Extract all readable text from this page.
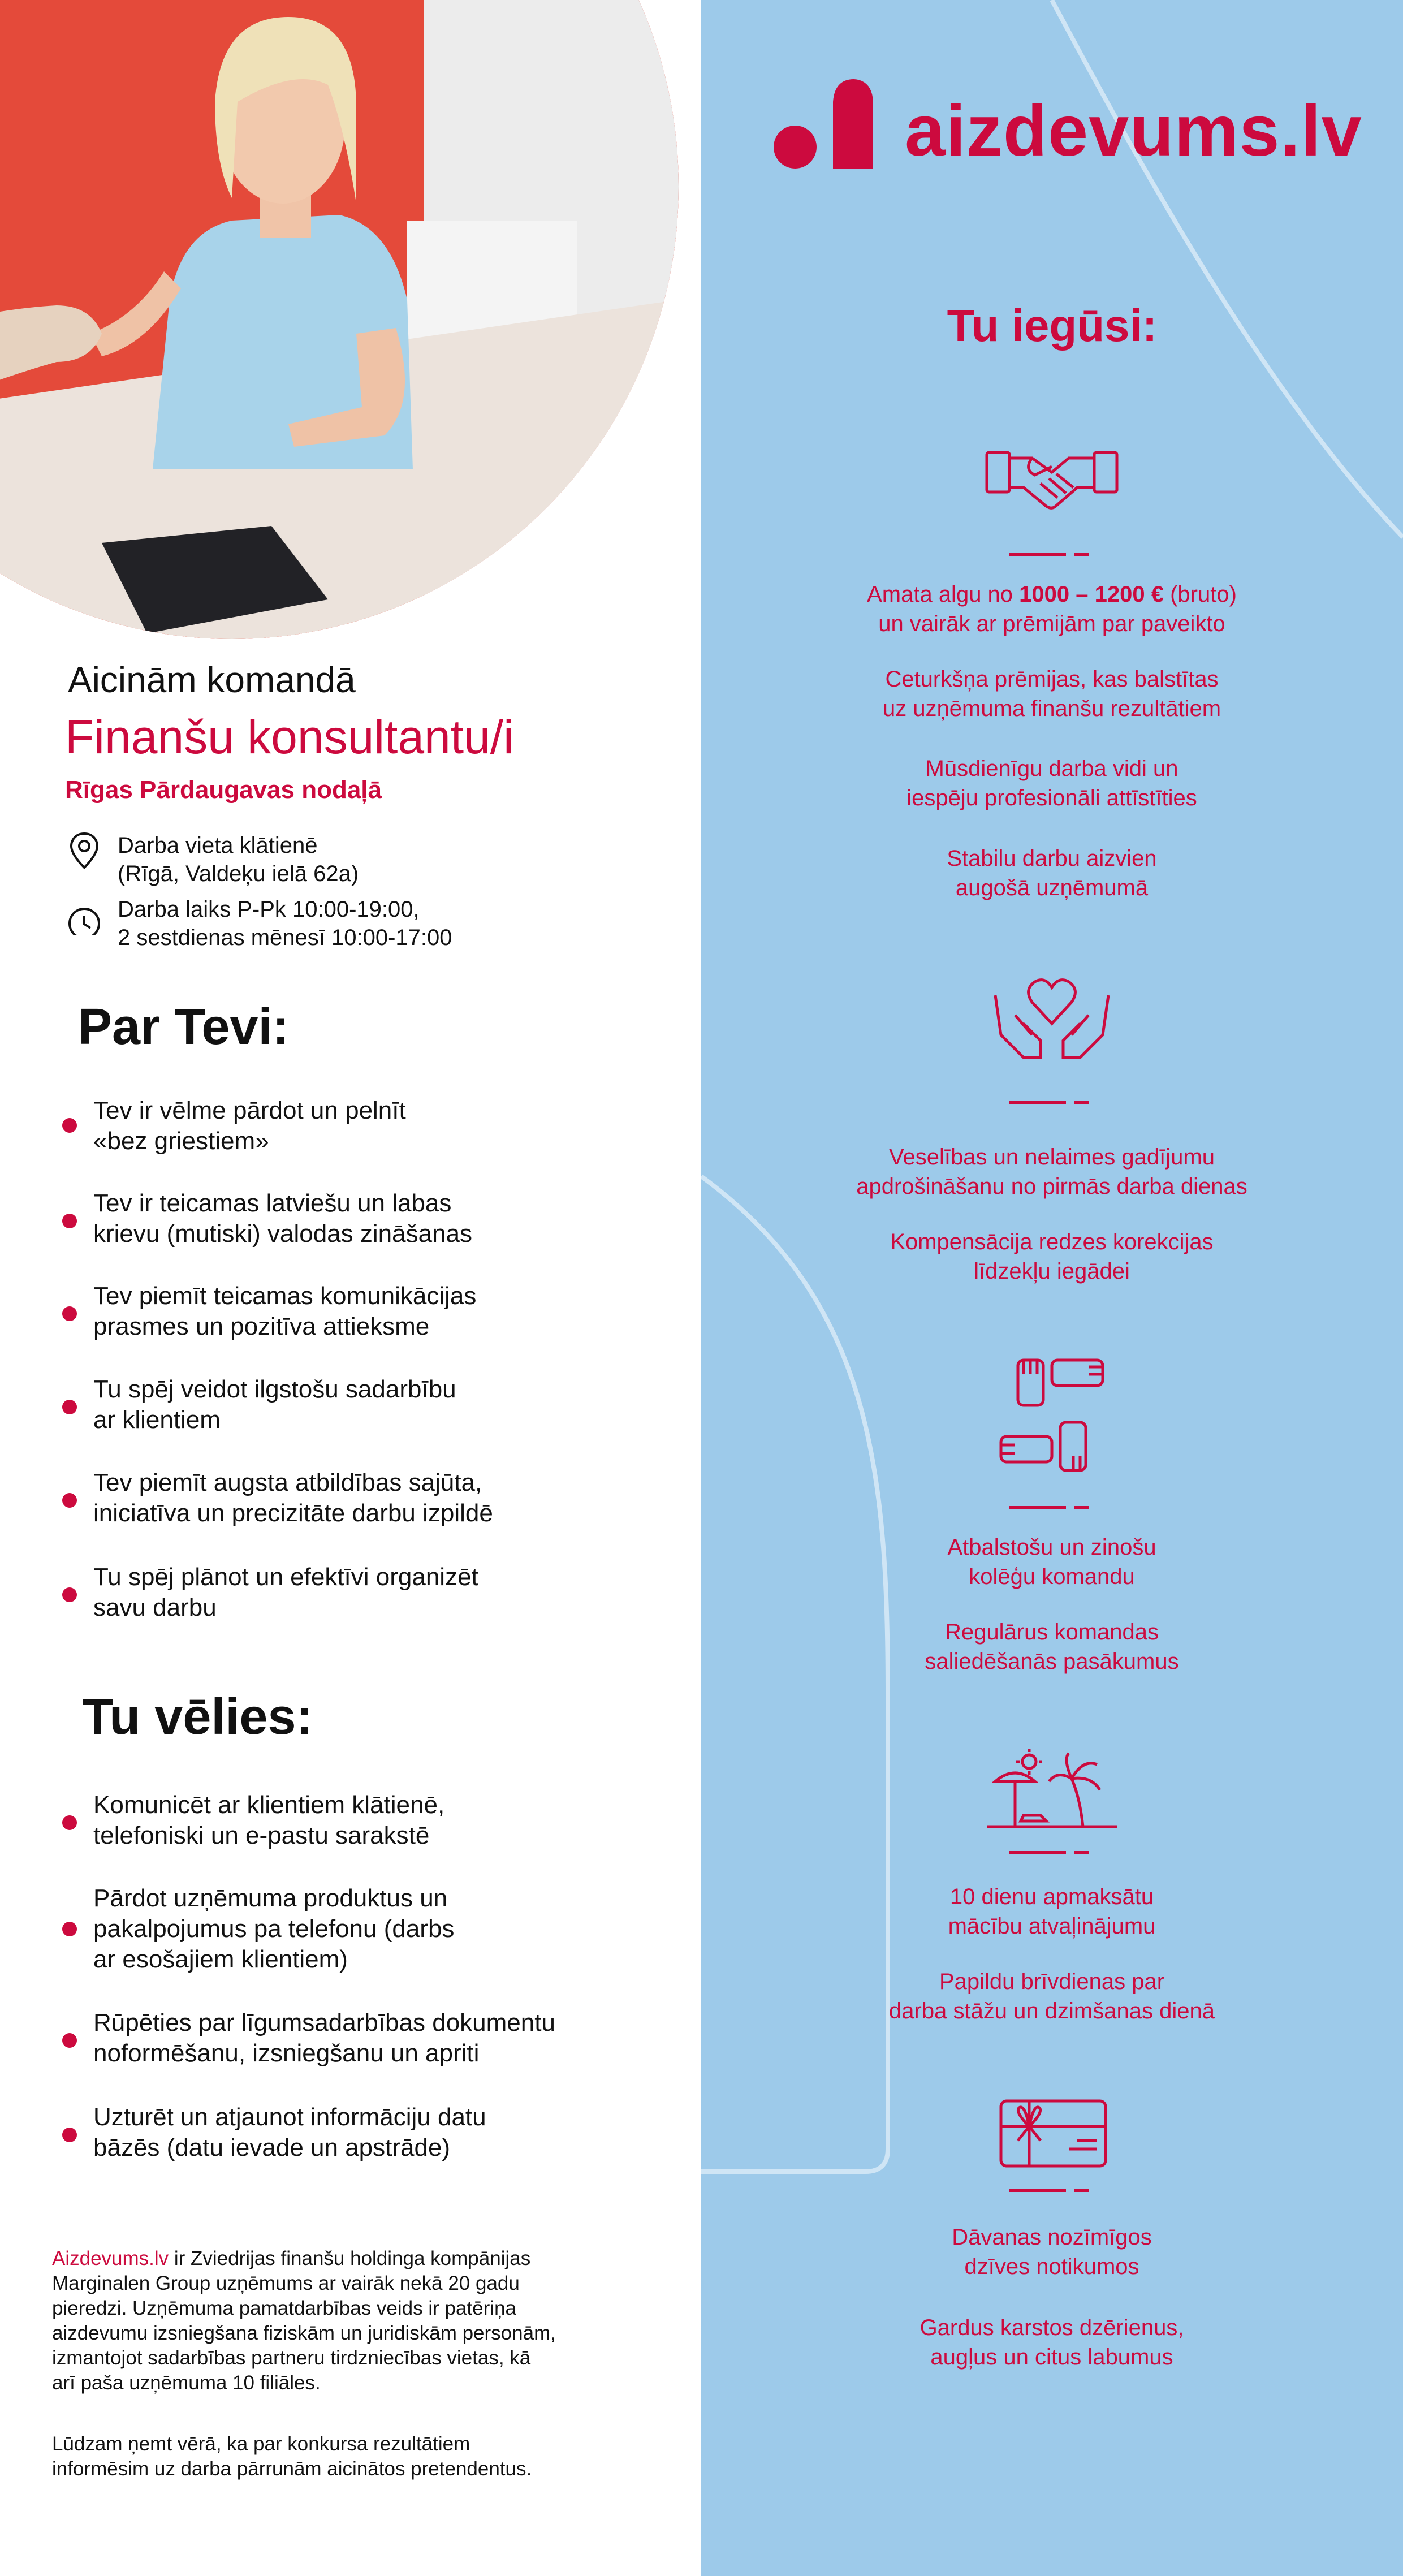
Aicinām komandā
Finanšu konsultantu/i
Rīgas Pārdaugavas nodaļā
Darba vieta klātienē
(Rīgā, Valdeķu ielā 62a)
Darba laiks P-Pk 10:00-19:00,
2 sestdienas mēnesī 10:00-17:00
Par Tevi:
Tev ir vēlme pārdot un pelnīt
«bez griestiem»
Tev ir teicamas latviešu un labas
krievu (mutiski) valodas zināšanas
Tev piemīt teicamas komunikācijas
prasmes un pozitīva attieksme
Tu spēj veidot ilgstošu sadarbību
ar klientiem
Tev piemīt augsta atbildības sajūta,
iniciatīva un precizitāte darbu izpildē
Tu spēj plānot un efektīvi organizēt
savu darbu
Tu vēlies:
Komunicēt ar klientiem klātienē,
telefoniski un e-pastu sarakstē
Pārdot uzņēmuma produktus un
pakalpojumus pa telefonu (darbs
ar esošajiem klientiem)
Rūpēties par līgumsadarbības dokumentu
noformēšanu, izsniegšanu un apriti
Uzturēt un atjaunot informāciju datu
bāzēs (datu ievade un apstrāde)
Aizdevums.lv ir Zviedrijas finanšu holdinga kompānijas
Marginalen Group uzņēmums ar vairāk nekā 20 gadu
pieredzi. Uzņēmuma pamatdarbības veids ir patēriņa
aizdevumu izsniegšana fiziskām un juridiskām personām,
izmantojot sadarbības partneru tirdzniecības vietas, kā
arī paša uzņēmuma 10 filiāles.
Lūdzam ņemt vērā, ka par konkursa rezultātiem
informēsim uz darba pārrunām aicinātos pretendentus.
aizdevums.lv
Tu iegūsi:
Amata algu no 1000 – 1200 € (bruto)
un vairāk ar prēmijām par paveikto
Ceturkšņa prēmijas, kas balstītas
uz uzņēmuma finanšu rezultātiem
Mūsdienīgu darba vidi un
iespēju profesionāli attīstīties
Stabilu darbu aizvien
augošā uzņēmumā
Veselības un nelaimes gadījumu
apdrošināšanu no pirmās darba dienas
Kompensācija redzes korekcijas
līdzekļu iegādei
Atbalstošu un zinošu
kolēģu komandu
Regulārus komandas
saliedēšanās pasākumus
10 dienu apmaksātu
mācību atvaļinājumu
Papildu brīvdienas par
darba stāžu un dzimšanas dienā
Dāvanas nozīmīgos
dzīves notikumos
Gardus karstos dzērienus,
augļus un citus labumus
